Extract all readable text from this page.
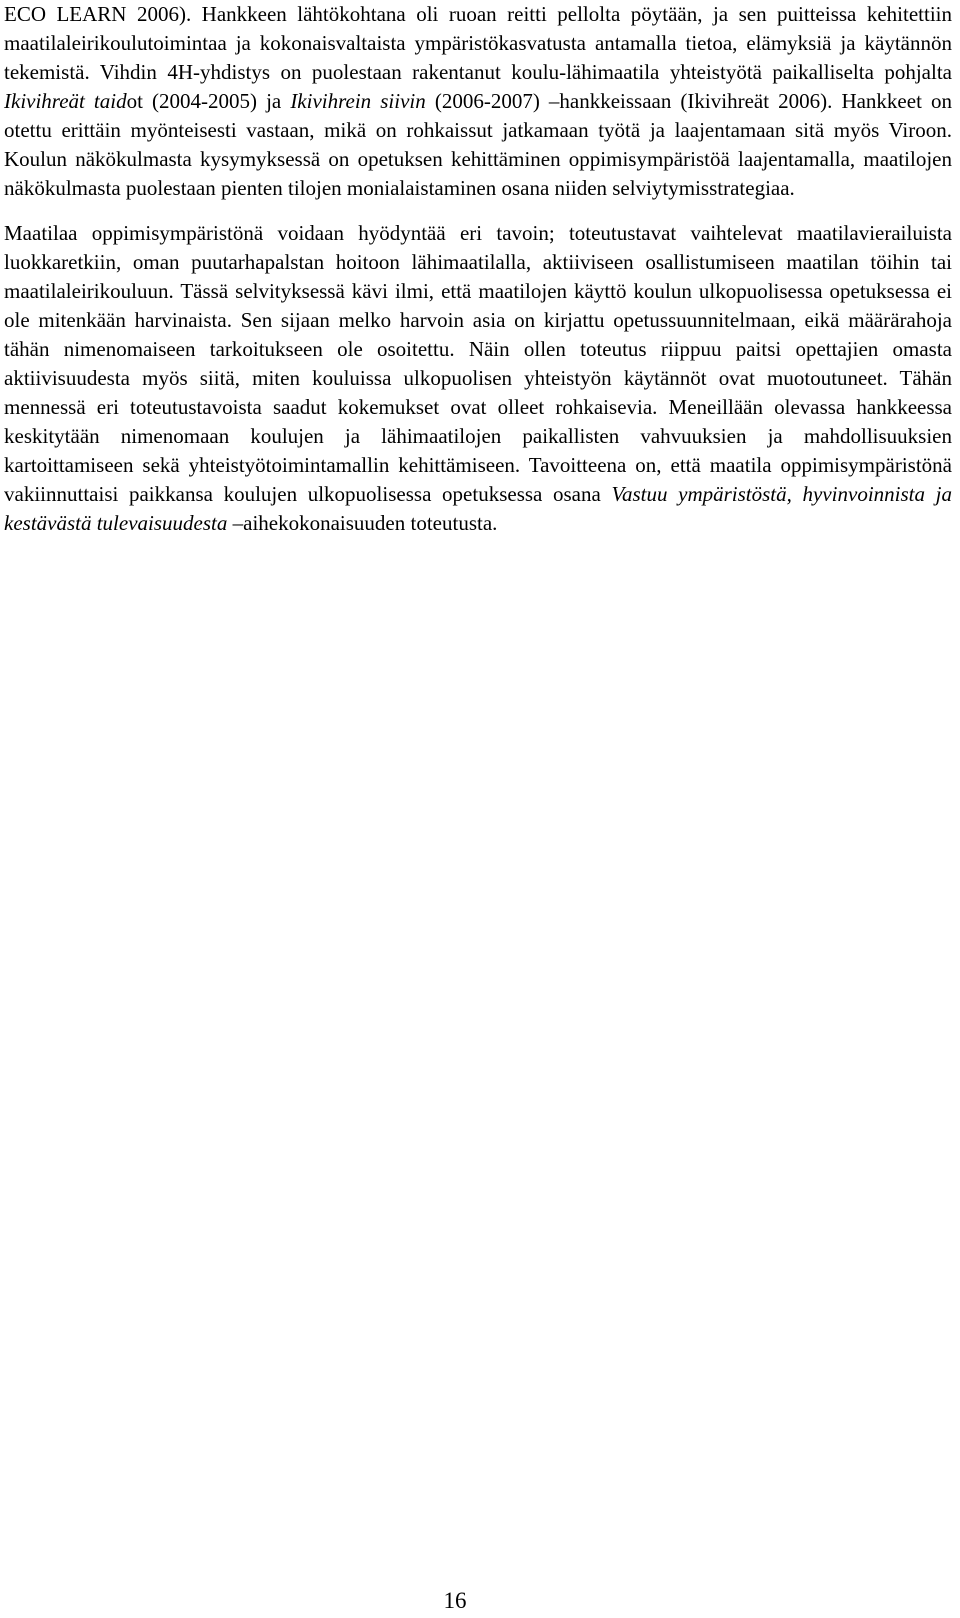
ECO LEARN 2006). Hankkeen lähtökohtana oli ruoan reitti pellolta pöytään, ja sen puitteissa kehitettiin maatilaleirikoulutoimintaa ja kokonaisvaltaista ympäristökasvatusta antamalla tietoa, elämyksiä ja käytännön tekemistä. Vihdin 4H-yhdistys on puolestaan rakentanut koulu-lähimaatila yhteistyötä paikalliselta pohjalta Ikivihreät taidot (2004-2005) ja Ikivihrein siivin (2006-2007) –hankkeissaan (Ikivihreät 2006). Hankkeet on otettu erittäin myönteisesti vastaan, mikä on rohkaissut jatkamaan työtä ja laajentamaan sitä myös Viroon. Koulun näkökulmasta kysymyksessä on opetuksen kehittäminen oppimisympäristöä laajentamalla, maatilojen näkökulmasta puolestaan pienten tilojen monialaistaminen osana niiden selviytymisstrategiaa.

Maatilaa oppimisympäristönä voidaan hyödyntää eri tavoin; toteutustavat vaihtelevat maatilavierailuista luokkaretkiin, oman puutarhapalstan hoitoon lähimaatilalla, aktiiviseen osallistumiseen maatilan töihin tai maatilaleirikouluun. Tässä selvityksessä kävi ilmi, että maatilojen käyttö koulun ulkopuolisessa opetuksessa ei ole mitenkään harvinaista. Sen sijaan melko harvoin asia on kirjattu opetussuunnitelmaan, eikä määrärahoja tähän nimenomaiseen tarkoitukseen ole osoitettu. Näin ollen toteutus riippuu paitsi opettajien omasta aktiivisuudesta myös siitä, miten kouluissa ulkopuolisen yhteistyön käytännöt ovat muotoutuneet. Tähän mennessä eri toteutustavoista saadut kokemukset ovat olleet rohkaisevia. Meneillään olevassa hankkeessa keskitytään nimenomaan koulujen ja lähimaatilojen paikallisten vahvuuksien ja mahdollisuuksien kartoittamiseen sekä yhteistyötoimintamallin kehittämiseen. Tavoitteena on, että maatila oppimisympäristönä vakiinnuttaisi paikkansa koulujen ulkopuolisessa opetuksessa osana Vastuu ympäristöstä, hyvinvoinnista ja kestävästä tulevaisuudesta –aihekokonaisuuden toteutusta.

16
